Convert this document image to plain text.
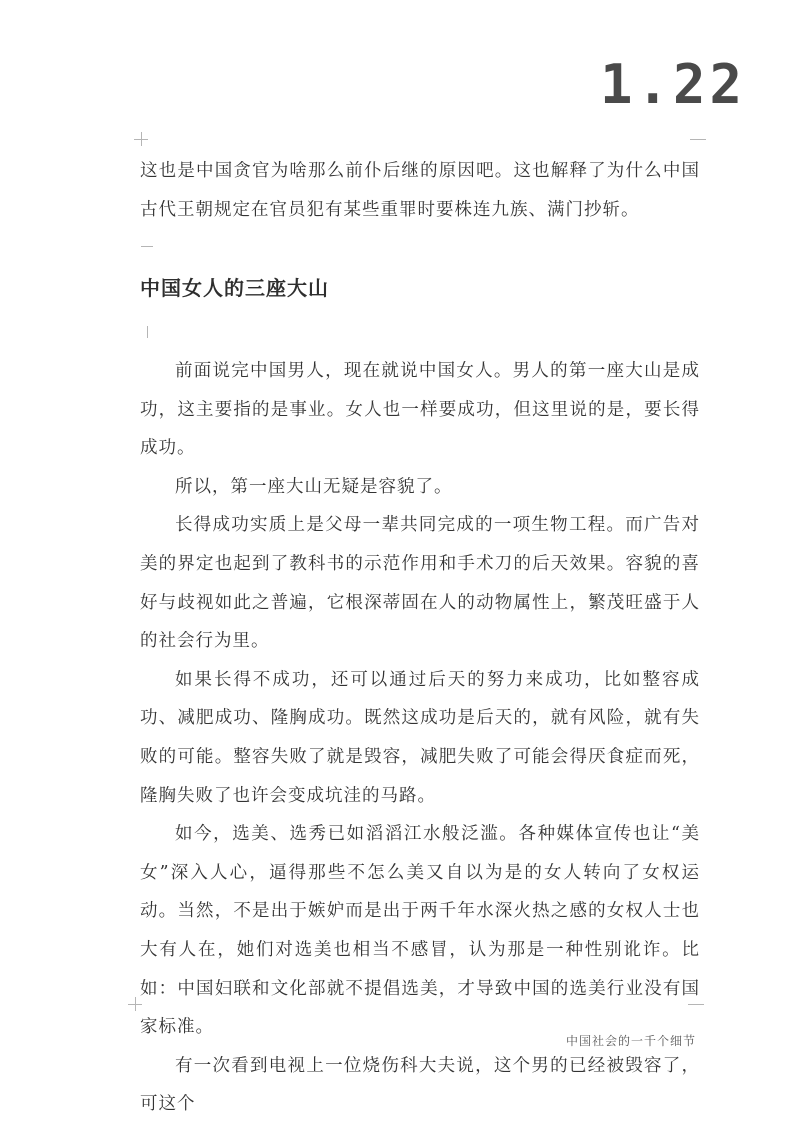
1.22

这也是中国贪官为啥那么前仆后继的原因吧。这也解释了为什么中国古代王朝规定在官员犯有某些重罪时要株连九族、满门抄斩。

中国女人的三座大山

前面说完中国男人，现在就说中国女人。男人的第一座大山是成功，这主要指的是事业。女人也一样要成功，但这里说的是，要长得成功。

所以，第一座大山无疑是容貌了。

长得成功实质上是父母一辈共同完成的一项生物工程。而广告对美的界定也起到了教科书的示范作用和手术刀的后天效果。容貌的喜好与歧视如此之普遍，它根深蒂固在人的动物属性上，繁茂旺盛于人的社会行为里。

如果长得不成功，还可以通过后天的努力来成功，比如整容成功、减肥成功、隆胸成功。既然这成功是后天的，就有风险，就有失败的可能。整容失败了就是毁容，减肥失败了可能会得厌食症而死，隆胸失败了也许会变成坑洼的马路。

如今，选美、选秀已如滔滔江水般泛滥。各种媒体宣传也让“美女”深入人心，逼得那些不怎么美又自以为是的女人转向了女权运动。当然，不是出于嫉妒而是出于两千年水深火热之感的女权人士也大有人在，她们对选美也相当不感冒，认为那是一种性别讹诈。比如：中国妇联和文化部就不提倡选美，才导致中国的选美行业没有国家标准。

有一次看到电视上一位烧伤科大夫说，这个男的已经被毁容了，可这个

中国社会的一千个细节
